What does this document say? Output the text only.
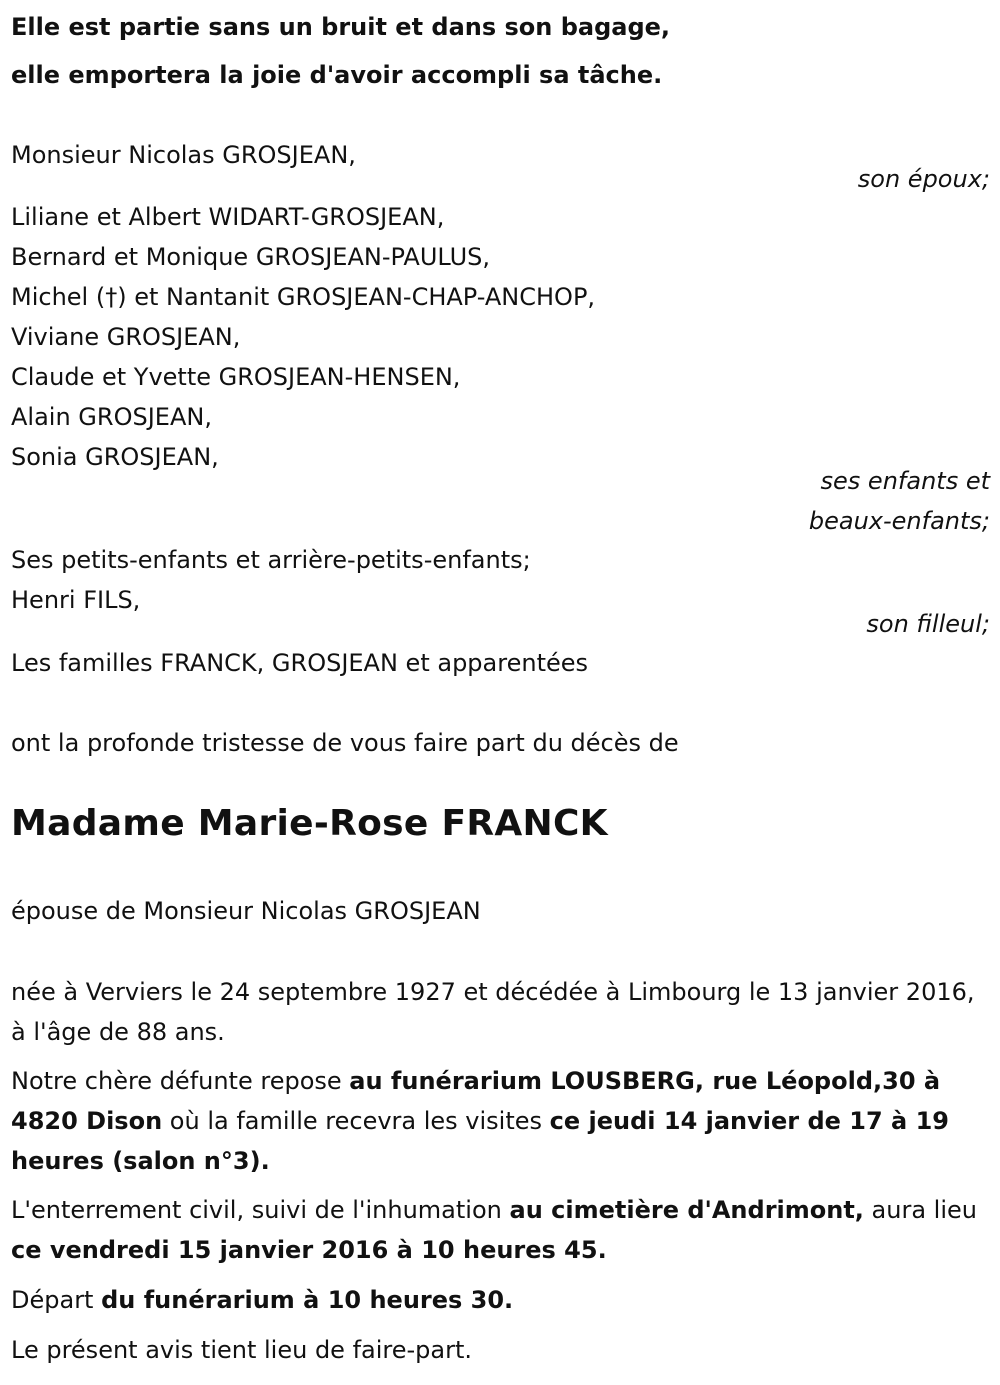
Elle est partie sans un bruit et dans son bagage,
elle emportera la joie d'avoir accompli sa tâche.
Monsieur Nicolas GROSJEAN,
son époux;
Liliane et Albert WIDART-GROSJEAN,
Bernard et Monique GROSJEAN-PAULUS,
Michel (†) et Nantanit GROSJEAN-CHAP-ANCHOP,
Viviane GROSJEAN,
Claude et Yvette GROSJEAN-HENSEN,
Alain GROSJEAN,
Sonia GROSJEAN,
ses enfants et
beaux-enfants;
Ses petits-enfants et arrière-petits-enfants;
Henri FILS,
son filleul;
Les familles FRANCK, GROSJEAN et apparentées
ont la profonde tristesse de vous faire part du décès de
Madame Marie-Rose FRANCK
épouse de Monsieur Nicolas GROSJEAN
née à Verviers le 24 septembre 1927 et décédée à Limbourg le 13 janvier 2016, à l'âge de 88 ans.
Notre chère défunte repose au funérarium LOUSBERG, rue Léopold,30 à 4820 Dison où la famille recevra les visites ce jeudi 14 janvier de 17 à 19 heures (salon n°3).
L'enterrement civil, suivi de l'inhumation au cimetière d'Andrimont, aura lieu ce vendredi 15 janvier 2016 à 10 heures 45.
Départ du funérarium à 10 heures 30.
Le présent avis tient lieu de faire-part.
